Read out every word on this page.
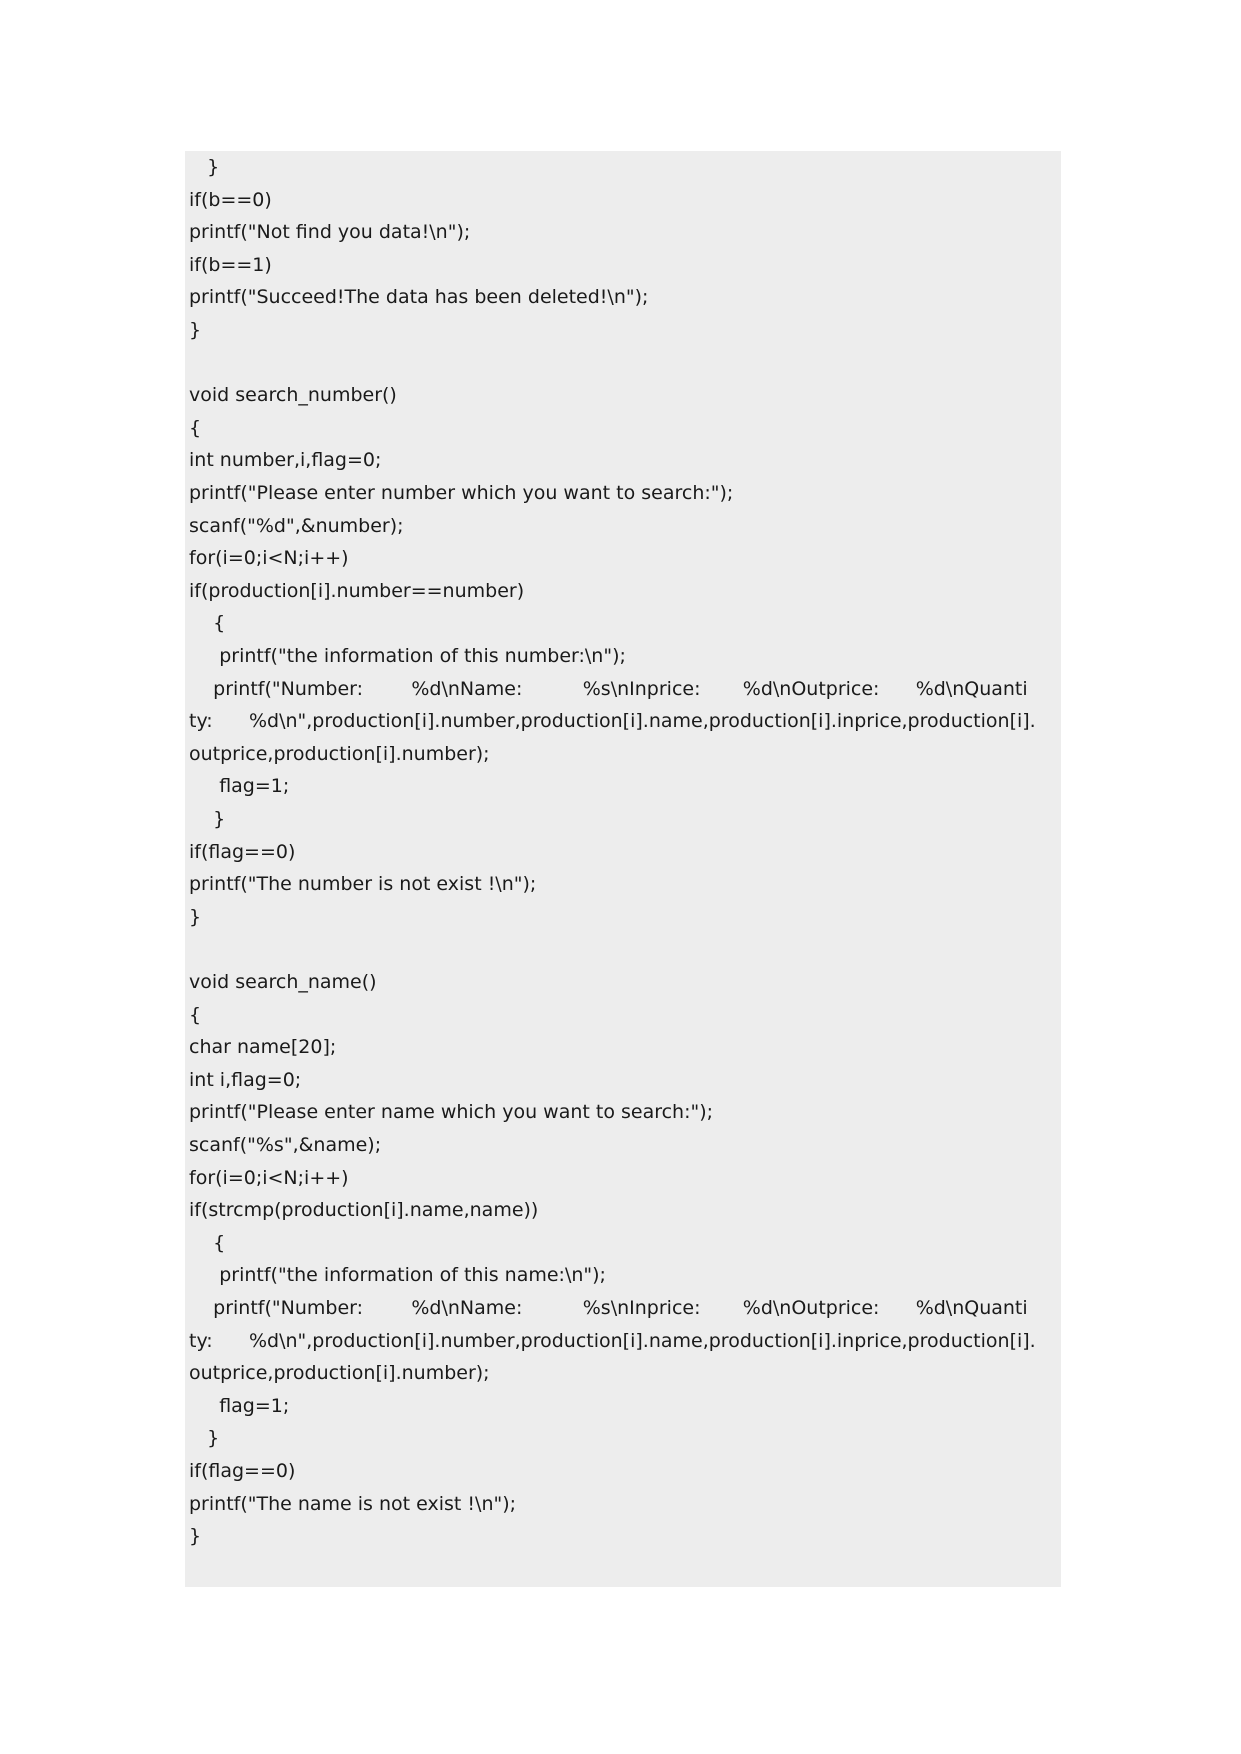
}
if(b==0)
printf("Not find you data!\n");
if(b==1)
printf("Succeed!The data has been deleted!\n");
}
void search_number()
{
int number,i,flag=0;
printf("Please enter number which you want to search:");
scanf("%d",&number);
for(i=0;i<N;i++)
if(production[i].number==number)
{
printf("the information of this number:\n");
printf("Number:        %d\nName:          %s\nInprice:       %d\nOutprice:      %d\nQuanti
ty:      %d\n",production[i].number,production[i].name,production[i].inprice,production[i].
outprice,production[i].number);
flag=1;
}
if(flag==0)
printf("The number is not exist !\n");
}
void search_name()
{
char name[20];
int i,flag=0;
printf("Please enter name which you want to search:");
scanf("%s",&name);
for(i=0;i<N;i++)
if(strcmp(production[i].name,name))
{
printf("the information of this name:\n");
printf("Number:        %d\nName:          %s\nInprice:       %d\nOutprice:      %d\nQuanti
ty:      %d\n",production[i].number,production[i].name,production[i].inprice,production[i].
outprice,production[i].number);
flag=1;
}
if(flag==0)
printf("The name is not exist !\n");
}
